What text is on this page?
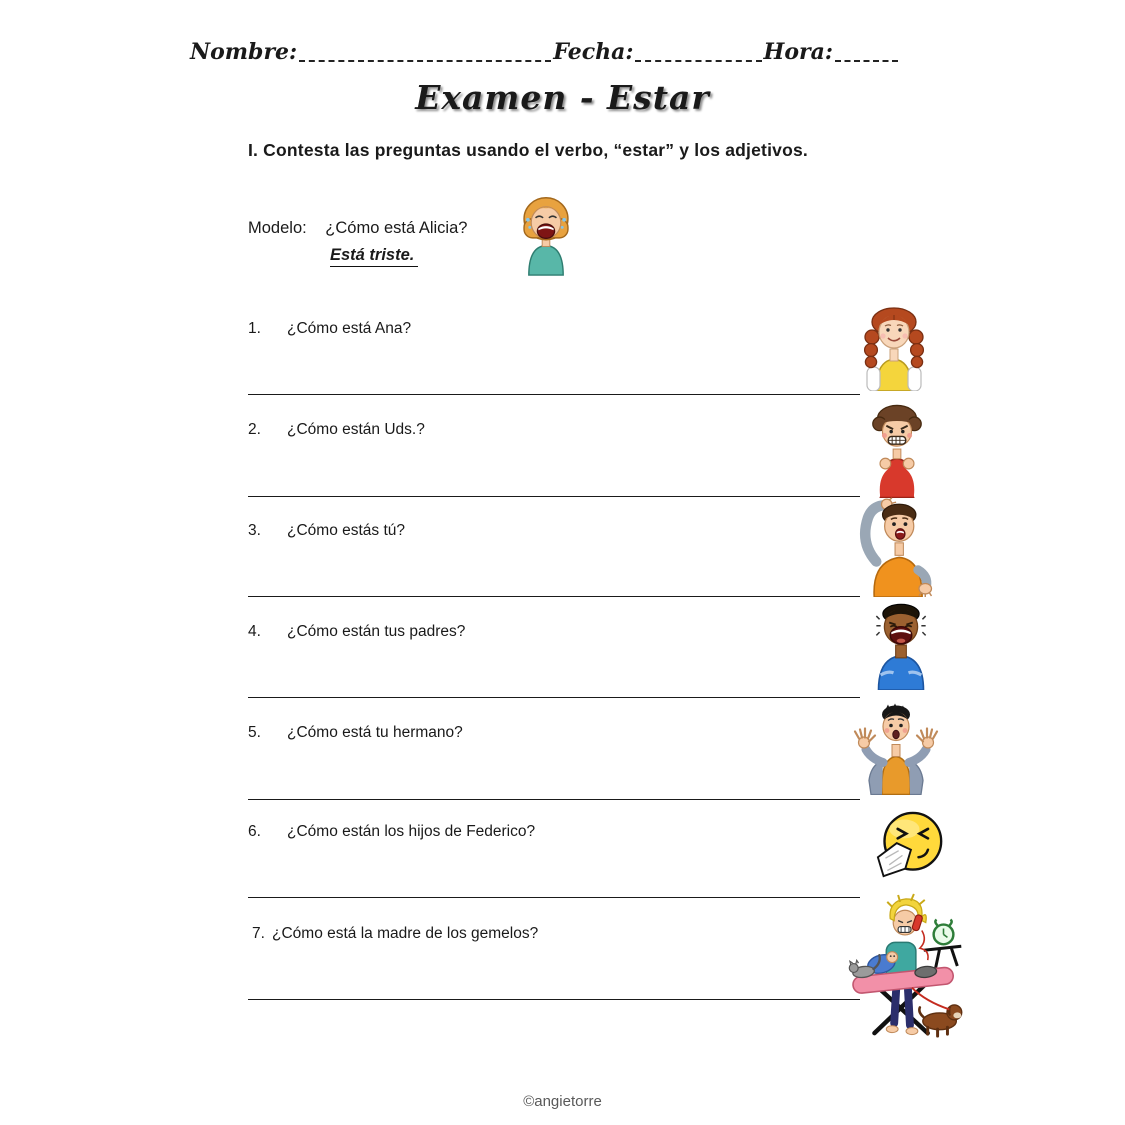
Nombre:	Fecha:	Hora:
Examen - Estar
I. Contesta las preguntas usando el verbo, “estar” y los adjetivos.
Modelo: ¿Cómo está Alicia?
Está triste.
1. ¿Cómo está Ana?
2. ¿Cómo están Uds.?
3. ¿Cómo estás tú?
4. ¿Cómo están tus padres?
5. ¿Cómo está tu hermano?
6. ¿Cómo están los hijos de Federico?
7. ¿Cómo está la madre de los gemelos?
©angietorre
